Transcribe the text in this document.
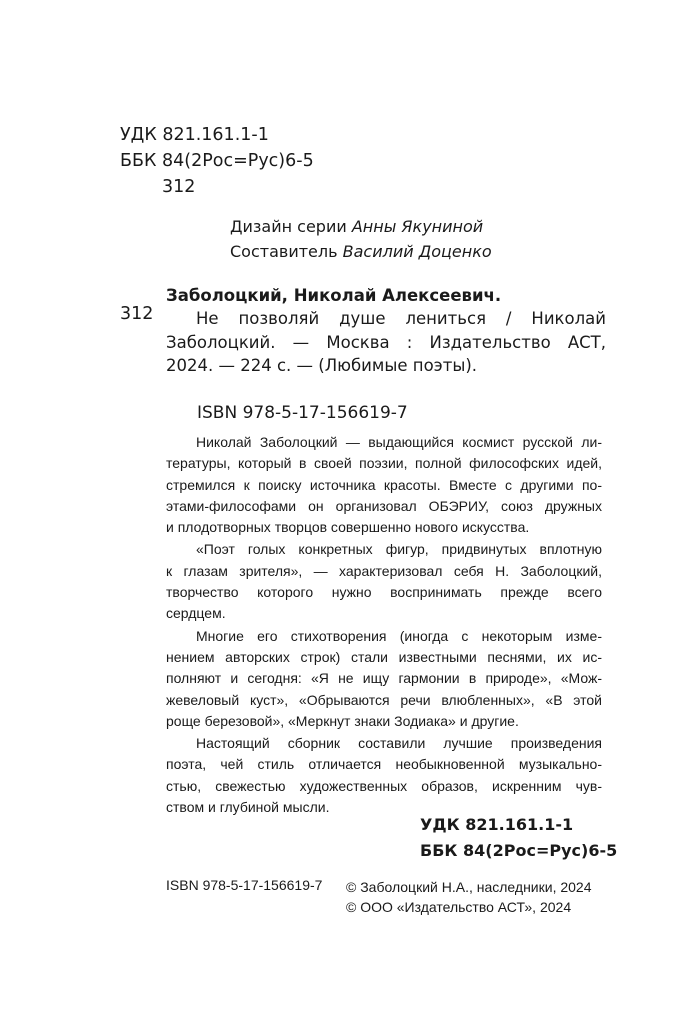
УДК 821.161.1-1
ББК 84(2Рос=Рус)6-5
312
Дизайн серии Анны Якуниной
Составитель Василий Доценко
Заболоцкий, Николай Алексеевич.
312	Не позволяй душе лениться / Николай
Заболоцкий. — Москва : Издательство АСТ,
2024. — 224 с. — (Любимые поэты).
ISBN 978-5-17-156619-7
Николай Заболоцкий — выдающийся космист русской ли-
тературы, который в своей поэзии, полной философских идей,
стремился к поиску источника красоты. Вместе с другими по-
этами-философами он организовал ОБЭРИУ, союз дружных
и плодотворных творцов совершенно нового искусства.
«Поэт голых конкретных фигур, придвинутых вплотную
к глазам зрителя», — характеризовал себя Н. Заболоцкий,
творчество которого нужно воспринимать прежде всего
сердцем.
Многие его стихотворения (иногда с некоторым изме-
нением авторских строк) стали известными песнями, их ис-
полняют и сегодня: «Я не ищу гармонии в природе», «Мож-
жевеловый куст», «Обрываются речи влюбленных», «В этой
роще березовой», «Меркнут знаки Зодиака» и другие.
Настоящий сборник составили лучшие произведения
поэта, чей стиль отличается необыкновенной музыкально-
стью, свежестью художественных образов, искренним чув-
ством и глубиной мысли.
УДК 821.161.1-1
ББК 84(2Рос=Рус)6-5
ISBN 978-5-17-156619-7 © Заболоцкий Н.А., наследники, 2024
© ООО «Издательство АСТ», 2024
